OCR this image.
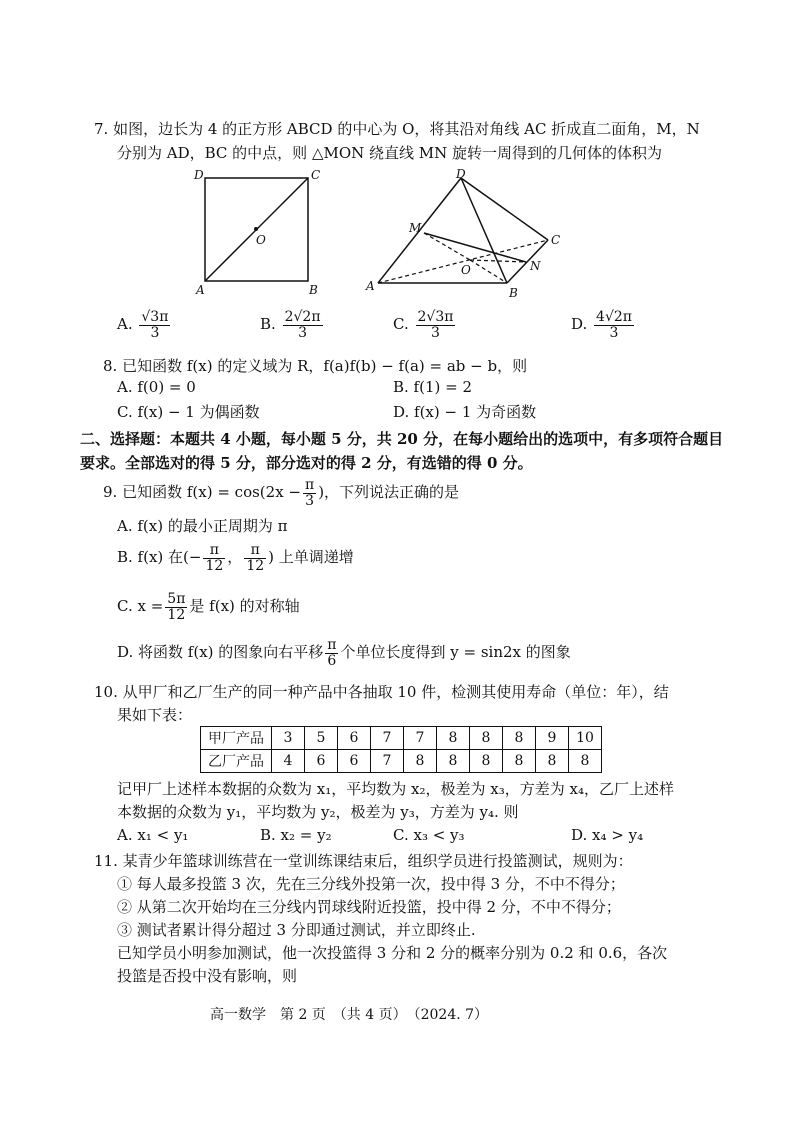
7. 如图，边长为 4 的正方形 ABCD 的中心为 O，将其沿对角线 AC 折成直二面角，M，N
分别为 AD，BC 的中点，则 △MON 绕直线 MN 旋转一周得到的几何体的体积为
D	C
A	B
O
D
C
A	B
M
N
O
A. $\frac{√3\pi}{3}$	B. $\frac{2√2\pi}{3}$	C. $\frac{2√3\pi}{3}$	D. $\frac{4√2\pi}{3}$
8. 已知函数 f(x) 的定义域为 R，f(a)f(b) − f(a) = ab − b，则
A. f(0) = 0	B. f(1) = 2
C. f(x) − 1 为偶函数	D. f(x) − 1 为奇函数
二、选择题：本题共 4 小题，每小题 5 分，共 20 分，在每小题给出的选项中，有多项符合题目
要求。全部选对的得 5 分，部分选对的得 2 分，有选错的得 0 分。
9. 已知函数 $f(x) = \cos(2x - \frac{\pi}{3}$ )，下列说法正确的是
A. f(x) 的最小正周期为 π
B. f(x) 在(− $\frac{\pi}{12}$ ， $\frac{\pi}{12}$ ) 上单调递增
C. $x = \frac{5\pi}{12}$ 是 f(x) 的对称轴
D. 将函数 f(x) 的图象向右平移 $\frac{\pi}{6}$ 个单位长度得到 y = sin2x 的图象
10. 从甲厂和乙厂生产的同一种产品中各抽取 10 件，检测其使用寿命（单位：年），结
果如下表：
甲厂产品	3	5	6	7	7	8	8	8	9	10
乙厂产品	4	6	6	7	8	8	8	8	8	8
记甲厂上述样本数据的众数为 x₁，平均数为 x₂，极差为 x₃，方差为 x₄，乙厂上述样
本数据的众数为 y₁，平均数为 y₂，极差为 y₃，方差为 y₄. 则
A. x₁ < y₁	B. x₂ = y₂	C. x₃ < y₃	D. x₄ > y₄
11. 某青少年篮球训练营在一堂训练课结束后，组织学员进行投篮测试，规则为：
① 每人最多投篮 3 次，先在三分线外投第一次，投中得 3 分，不中不得分；
② 从第二次开始均在三分线内罚球线附近投篮，投中得 2 分，不中不得分；
③ 测试者累计得分超过 3 分即通过测试，并立即终止.
已知学员小明参加测试，他一次投篮得 3 分和 2 分的概率分别为 0.2 和 0.6，各次
投篮是否投中没有影响，则
高一数学　第 2 页　（共 4 页）　（2024. 7）
